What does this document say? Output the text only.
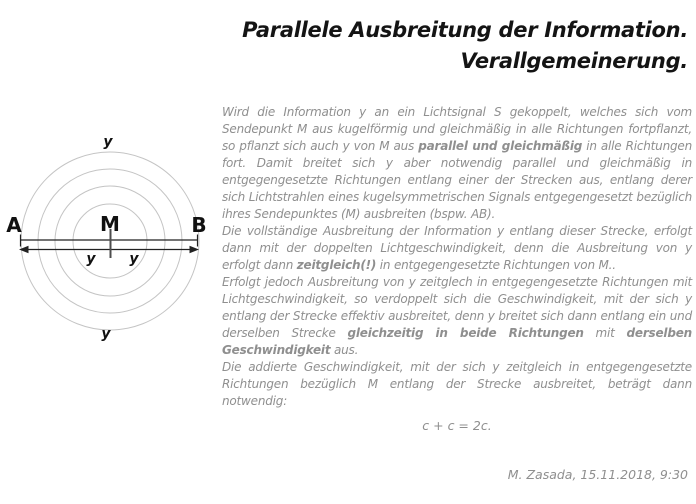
Parallele Ausbreitung der Information.
Verallgemeinerung.
A	B
M
y
y
y y

Wird die Information y an ein Lichtsignal S gekoppelt, welches sich vom Sendepunkt M aus kugelförmig und gleichmäßig in alle Richtungen fortpflanzt, so pflanzt sich auch y von M aus parallel und gleichmäßig in alle Richtungen fort. Damit breitet sich y aber notwendig parallel und gleichmäßig in entgegengesetzte Richtungen entlang einer der Strecken aus, entlang derer sich Lichtstrahlen eines kugelsymmetrischen Signals entgegengesetzt bezüglich ihres Sendepunktes (M) ausbreiten (bspw. AB).

Die vollständige Ausbreitung der Information y entlang dieser Strecke, erfolgt dann mit der doppelten Lichtgeschwindigkeit, denn die Ausbreitung von y erfolgt dann zeitgleich(!) in entgegengesetzte Richtungen von M..

Erfolgt jedoch Ausbreitung von y zeitglech in entgegengesetzte Richtungen mit Lichtgeschwindigkeit, so verdoppelt sich die Geschwindigkeit, mit der sich y entlang der Strecke effektiv ausbreitet, denn y breitet sich dann entlang ein und derselben Strecke gleichzeitig in beide Richtungen mit derselben Geschwindigkeit aus.

Die addierte Geschwindigkeit, mit der sich y zeitgleich in entgegengesetzte Richtungen bezüglich M entlang der Strecke ausbreitet, beträgt dann notwendig:

c + c = 2c.
M. Zasada, 15.11.2018, 9:30
